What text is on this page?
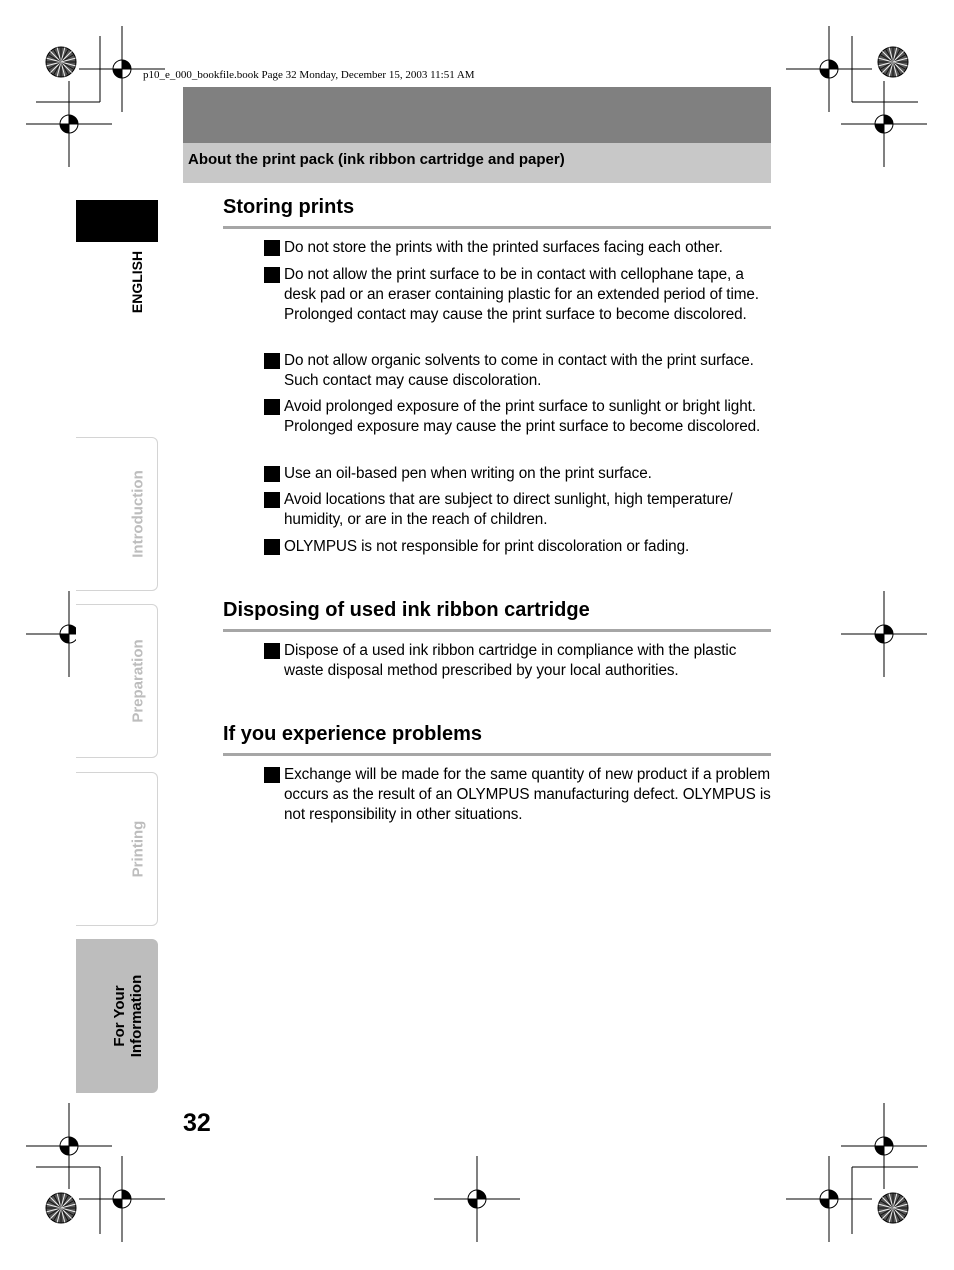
p10_e_000_bookfile.book Page 32 Monday, December 15, 2003 11:51 AM
About the print pack (ink ribbon cartridge and paper)
ENGLISH
Introduction
Preparation
Printing
For Your Information
Storing prints
Do not store the prints with the printed surfaces facing each other.
Do not allow the print surface to be in contact with cellophane tape, a desk pad or an eraser containing plastic for an extended period of time. Prolonged contact may cause the print surface to become discolored.
Do not allow organic solvents to come in contact with the print surface. Such contact may cause discoloration.
Avoid prolonged exposure of the print surface to sunlight or bright light. Prolonged exposure may cause the print surface to become discolored.
Use an oil-based pen when writing on the print surface.
Avoid locations that are subject to direct sunlight, high temperature/ humidity, or are in the reach of children.
OLYMPUS is not responsible for print discoloration or fading.
Disposing of used ink ribbon cartridge
Dispose of a used ink ribbon cartridge in compliance with the plastic waste disposal method prescribed by your local authorities.
If you experience problems
Exchange will be made for the same quantity of new product if a problem occurs as the result of an OLYMPUS manufacturing defect. OLYMPUS is not responsibility in other situations.
32
